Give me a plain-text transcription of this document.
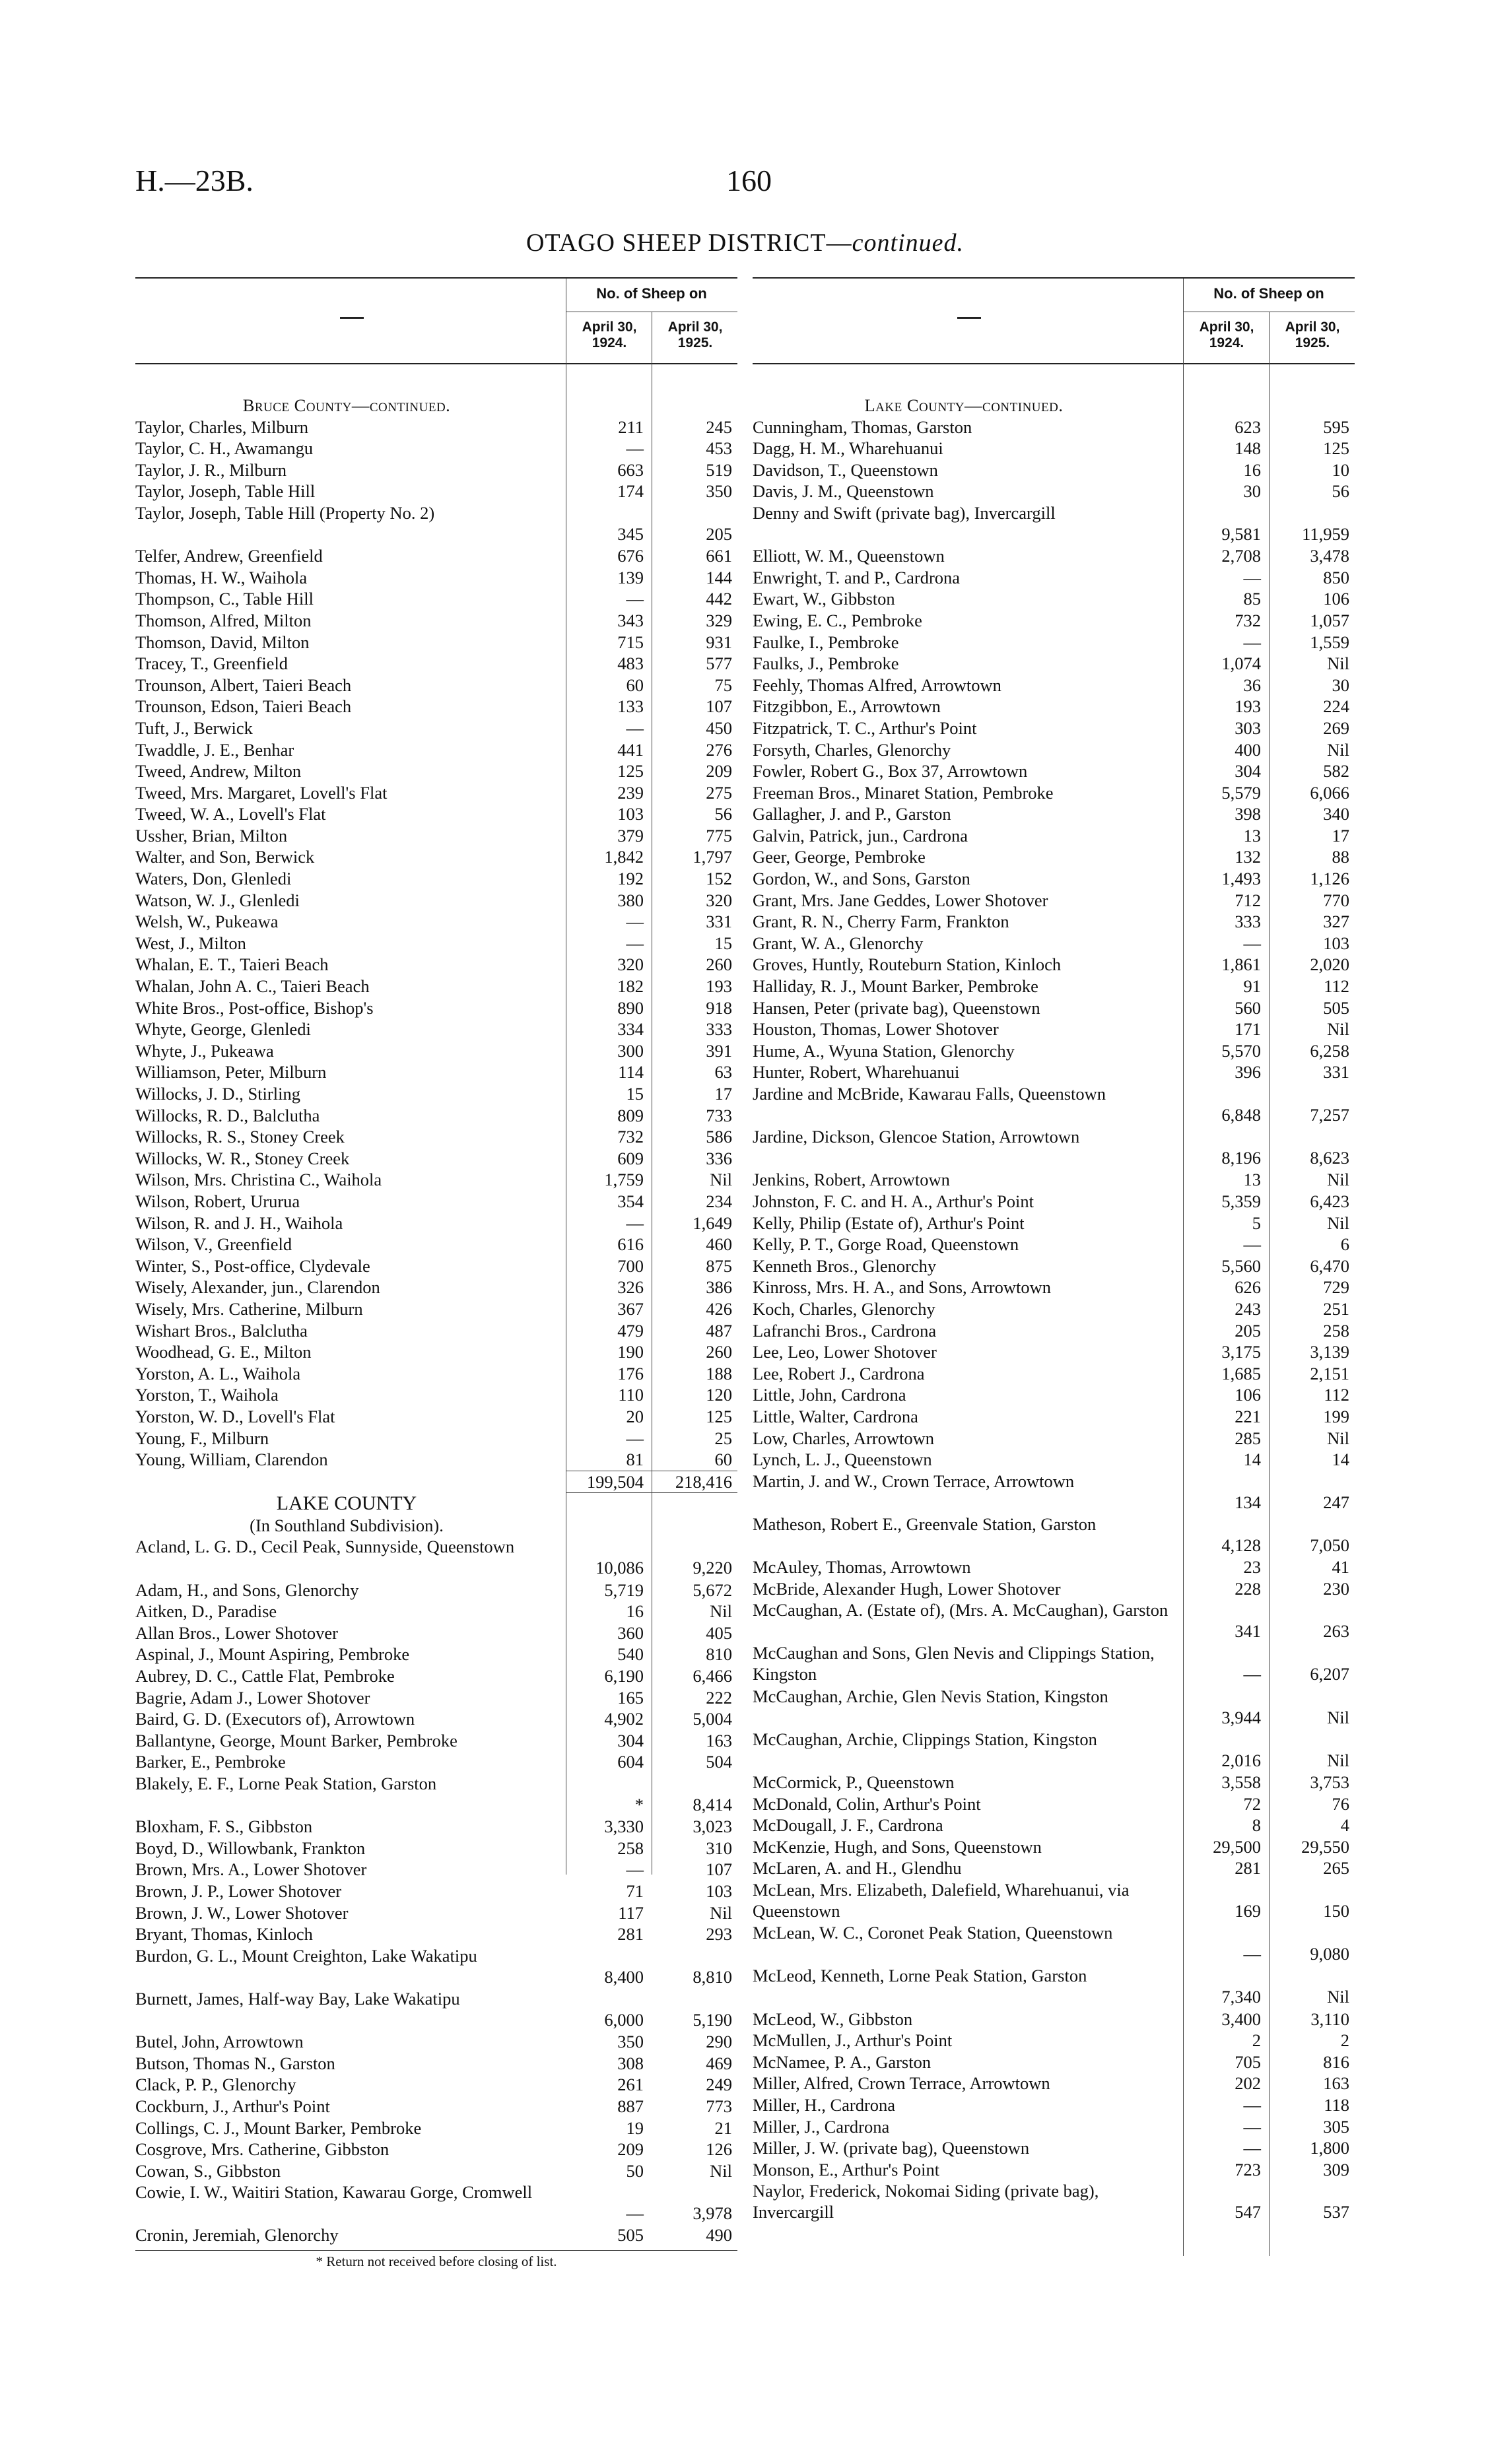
H.—23B.	160
OTAGO SHEEP DISTRICT—continued.
No. of Sheep on
April 30, 1924.
April 30, 1925.
Bruce County—continued.
Taylor, Charles, Milburn	211	245
Taylor, C. H., Awamangu	—	453
Taylor, J. R., Milburn	663	519
Taylor, Joseph, Table Hill	174	350
Taylor, Joseph, Table Hill (Property No. 2)
345	205
Telfer, Andrew, Greenfield	676	661
Thomas, H. W., Waihola	139	144
Thompson, C., Table Hill	—	442
Thomson, Alfred, Milton	343	329
Thomson, David, Milton	715	931
Tracey, T., Greenfield	483	577
Trounson, Albert, Taieri Beach	60	75
Trounson, Edson, Taieri Beach	133	107
Tuft, J., Berwick	—	450
Twaddle, J. E., Benhar	441	276
Tweed, Andrew, Milton	125	209
Tweed, Mrs. Margaret, Lovell's Flat	239	275
Tweed, W. A., Lovell's Flat	103	56
Ussher, Brian, Milton	379	775
Walter, and Son, Berwick	1,842	1,797
Waters, Don, Glenledi	192	152
Watson, W. J., Glenledi	380	320
Welsh, W., Pukeawa	—	331
West, J., Milton	—	15
Whalan, E. T., Taieri Beach	320	260
Whalan, John A. C., Taieri Beach	182	193
White Bros., Post-office, Bishop's	890	918
Whyte, George, Glenledi	334	333
Whyte, J., Pukeawa	300	391
Williamson, Peter, Milburn	114	63
Willocks, J. D., Stirling	15	17
Willocks, R. D., Balclutha	809	733
Willocks, R. S., Stoney Creek	732	586
Willocks, W. R., Stoney Creek	609	336
Wilson, Mrs. Christina C., Waihola	1,759	Nil
Wilson, Robert, Ururua	354	234
Wilson, R. and J. H., Waihola	—	1,649
Wilson, V., Greenfield	616	460
Winter, S., Post-office, Clydevale	700	875
Wisely, Alexander, jun., Clarendon	326	386
Wisely, Mrs. Catherine, Milburn	367	426
Wishart Bros., Balclutha	479	487
Woodhead, G. E., Milton	190	260
Yorston, A. L., Waihola	176	188
Yorston, T., Waihola	110	120
Yorston, W. D., Lovell's Flat	20	125
Young, F., Milburn	—	25
Young, William, Clarendon	81	60
199,504	218,416
LAKE COUNTY
(In Southland Subdivision).
Acland, L. G. D., Cecil Peak, Sunnyside, Queenstown
10,086	9,220
Adam, H., and Sons, Glenorchy	5,719	5,672
Aitken, D., Paradise	16	Nil
Allan Bros., Lower Shotover	360	405
Aspinal, J., Mount Aspiring, Pembroke	540	810
Aubrey, D. C., Cattle Flat, Pembroke	6,190	6,466
Bagrie, Adam J., Lower Shotover	165	222
Baird, G. D. (Executors of), Arrowtown	4,902	5,004
Ballantyne, George, Mount Barker, Pembroke	304	163
Barker, E., Pembroke	604	504
Blakely, E. F., Lorne Peak Station, Garston
*	8,414
Bloxham, F. S., Gibbston	3,330	3,023
Boyd, D., Willowbank, Frankton	258	310
Brown, Mrs. A., Lower Shotover	—	107
Brown, J. P., Lower Shotover	71	103
Brown, J. W., Lower Shotover	117	Nil
Bryant, Thomas, Kinloch	281	293
Burdon, G. L., Mount Creighton, Lake Wakatipu
8,400	8,810
Burnett, James, Half-way Bay, Lake Wakatipu
6,000	5,190
Butel, John, Arrowtown	350	290
Butson, Thomas N., Garston	308	469
Clack, P. P., Glenorchy	261	249
Cockburn, J., Arthur's Point	887	773
Collings, C. J., Mount Barker, Pembroke	19	21
Cosgrove, Mrs. Catherine, Gibbston	209	126
Cowan, S., Gibbston	50	Nil
Cowie, I. W., Waitiri Station, Kawarau Gorge, Cromwell
—	3,978
Cronin, Jeremiah, Glenorchy	505	490
* Return not received before closing of list.
No. of Sheep on
April 30, 1924.
April 30, 1925.
Lake County—continued.
Cunningham, Thomas, Garston	623	595
Dagg, H. M., Wharehuanui	148	125
Davidson, T., Queenstown	16	10
Davis, J. M., Queenstown	30	56
Denny and Swift (private bag), Invercargill
9,581	11,959
Elliott, W. M., Queenstown	2,708	3,478
Enwright, T. and P., Cardrona	—	850
Ewart, W., Gibbston	85	106
Ewing, E. C., Pembroke	732	1,057
Faulke, I., Pembroke	—	1,559
Faulks, J., Pembroke	1,074	Nil
Feehly, Thomas Alfred, Arrowtown	36	30
Fitzgibbon, E., Arrowtown	193	224
Fitzpatrick, T. C., Arthur's Point	303	269
Forsyth, Charles, Glenorchy	400	Nil
Fowler, Robert G., Box 37, Arrowtown	304	582
Freeman Bros., Minaret Station, Pembroke	5,579	6,066
Gallagher, J. and P., Garston	398	340
Galvin, Patrick, jun., Cardrona	13	17
Geer, George, Pembroke	132	88
Gordon, W., and Sons, Garston	1,493	1,126
Grant, Mrs. Jane Geddes, Lower Shotover	712	770
Grant, R. N., Cherry Farm, Frankton	333	327
Grant, W. A., Glenorchy	—	103
Groves, Huntly, Routeburn Station, Kinloch	1,861	2,020
Halliday, R. J., Mount Barker, Pembroke	91	112
Hansen, Peter (private bag), Queenstown	560	505
Houston, Thomas, Lower Shotover	171	Nil
Hume, A., Wyuna Station, Glenorchy	5,570	6,258
Hunter, Robert, Wharehuanui	396	331
Jardine and McBride, Kawarau Falls, Queenstown
6,848	7,257
Jardine, Dickson, Glencoe Station, Arrowtown
8,196	8,623
Jenkins, Robert, Arrowtown	13	Nil
Johnston, F. C. and H. A., Arthur's Point	5,359	6,423
Kelly, Philip (Estate of), Arthur's Point	5	Nil
Kelly, P. T., Gorge Road, Queenstown	—	6
Kenneth Bros., Glenorchy	5,560	6,470
Kinross, Mrs. H. A., and Sons, Arrowtown	626	729
Koch, Charles, Glenorchy	243	251
Lafranchi Bros., Cardrona	205	258
Lee, Leo, Lower Shotover	3,175	3,139
Lee, Robert J., Cardrona	1,685	2,151
Little, John, Cardrona	106	112
Little, Walter, Cardrona	221	199
Low, Charles, Arrowtown	285	Nil
Lynch, L. J., Queenstown	14	14
Martin, J. and W., Crown Terrace, Arrowtown
134	247
Matheson, Robert E., Greenvale Station, Garston
4,128	7,050
McAuley, Thomas, Arrowtown	23	41
McBride, Alexander Hugh, Lower Shotover	228	230
McCaughan, A. (Estate of), (Mrs. A. McCaughan), Garston
341	263
McCaughan and Sons, Glen Nevis and Clippings Station, Kingston	—	6,207
McCaughan, Archie, Glen Nevis Station, Kingston
3,944	Nil
McCaughan, Archie, Clippings Station, Kingston
2,016	Nil
McCormick, P., Queenstown	3,558	3,753
McDonald, Colin, Arthur's Point	72	76
McDougall, J. F., Cardrona	8	4
McKenzie, Hugh, and Sons, Queenstown	29,500	29,550
McLaren, A. and H., Glendhu	281	265
McLean, Mrs. Elizabeth, Dalefield, Wharehuanui, via Queenstown	169	150
McLean, W. C., Coronet Peak Station, Queenstown
—	9,080
McLeod, Kenneth, Lorne Peak Station, Garston
7,340	Nil
McLeod, W., Gibbston	3,400	3,110
McMullen, J., Arthur's Point	2	2
McNamee, P. A., Garston	705	816
Miller, Alfred, Crown Terrace, Arrowtown	202	163
Miller, H., Cardrona	—	118
Miller, J., Cardrona	—	305
Miller, J. W. (private bag), Queenstown	—	1,800
Monson, E., Arthur's Point	723	309
Naylor, Frederick, Nokomai Siding (private bag), Invercargill	547	537
